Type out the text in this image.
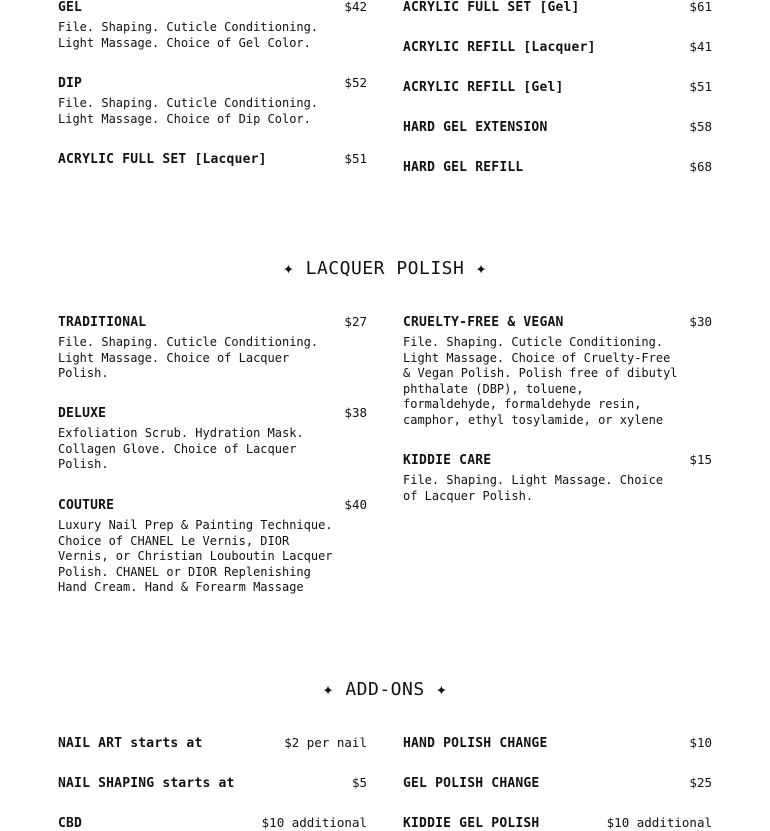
GEL	$42
File. Shaping. Cuticle Conditioning. Light Massage. Choice of Gel Color.
DIP	$52
File. Shaping. Cuticle Conditioning. Light Massage. Choice of Dip Color.
ACRYLIC FULL SET [Lacquer]	$51
ACRYLIC FULL SET [Gel]	$61
ACRYLIC REFILL [Lacquer]	$41
ACRYLIC REFILL [Gel]	$51
HARD GEL EXTENSION	$58
HARD GEL REFILL	$68
✦ LACQUER POLISH ✦
TRADITIONAL	$27
File. Shaping. Cuticle Conditioning. Light Massage. Choice of Lacquer Polish.
DELUXE	$38
Exfoliation Scrub. Hydration Mask. Collagen Glove. Choice of Lacquer Polish.
COUTURE	$40
Luxury Nail Prep & Painting Technique. Choice of CHANEL Le Vernis, DIOR Vernis, or Christian Louboutin Lacquer Polish. CHANEL or DIOR Replenishing Hand Cream. Hand & Forearm Massage
CRUELTY-FREE & VEGAN	$30
File. Shaping. Cuticle Conditioning. Light Massage. Choice of Cruelty-Free & Vegan Polish. Polish free of dibutyl phthalate (DBP), toluene, formaldehyde, formaldehyde resin, camphor, ethyl tosylamide, or xylene
KIDDIE CARE	$15
File. Shaping. Light Massage. Choice of Lacquer Polish.
✦ ADD-ONS ✦
NAIL ART starts at	$2 per nail
NAIL SHAPING starts at	$5
CBD	$10 additional
HAND POLISH CHANGE	$10
GEL POLISH CHANGE	$25
KIDDIE GEL POLISH	$10 additional
